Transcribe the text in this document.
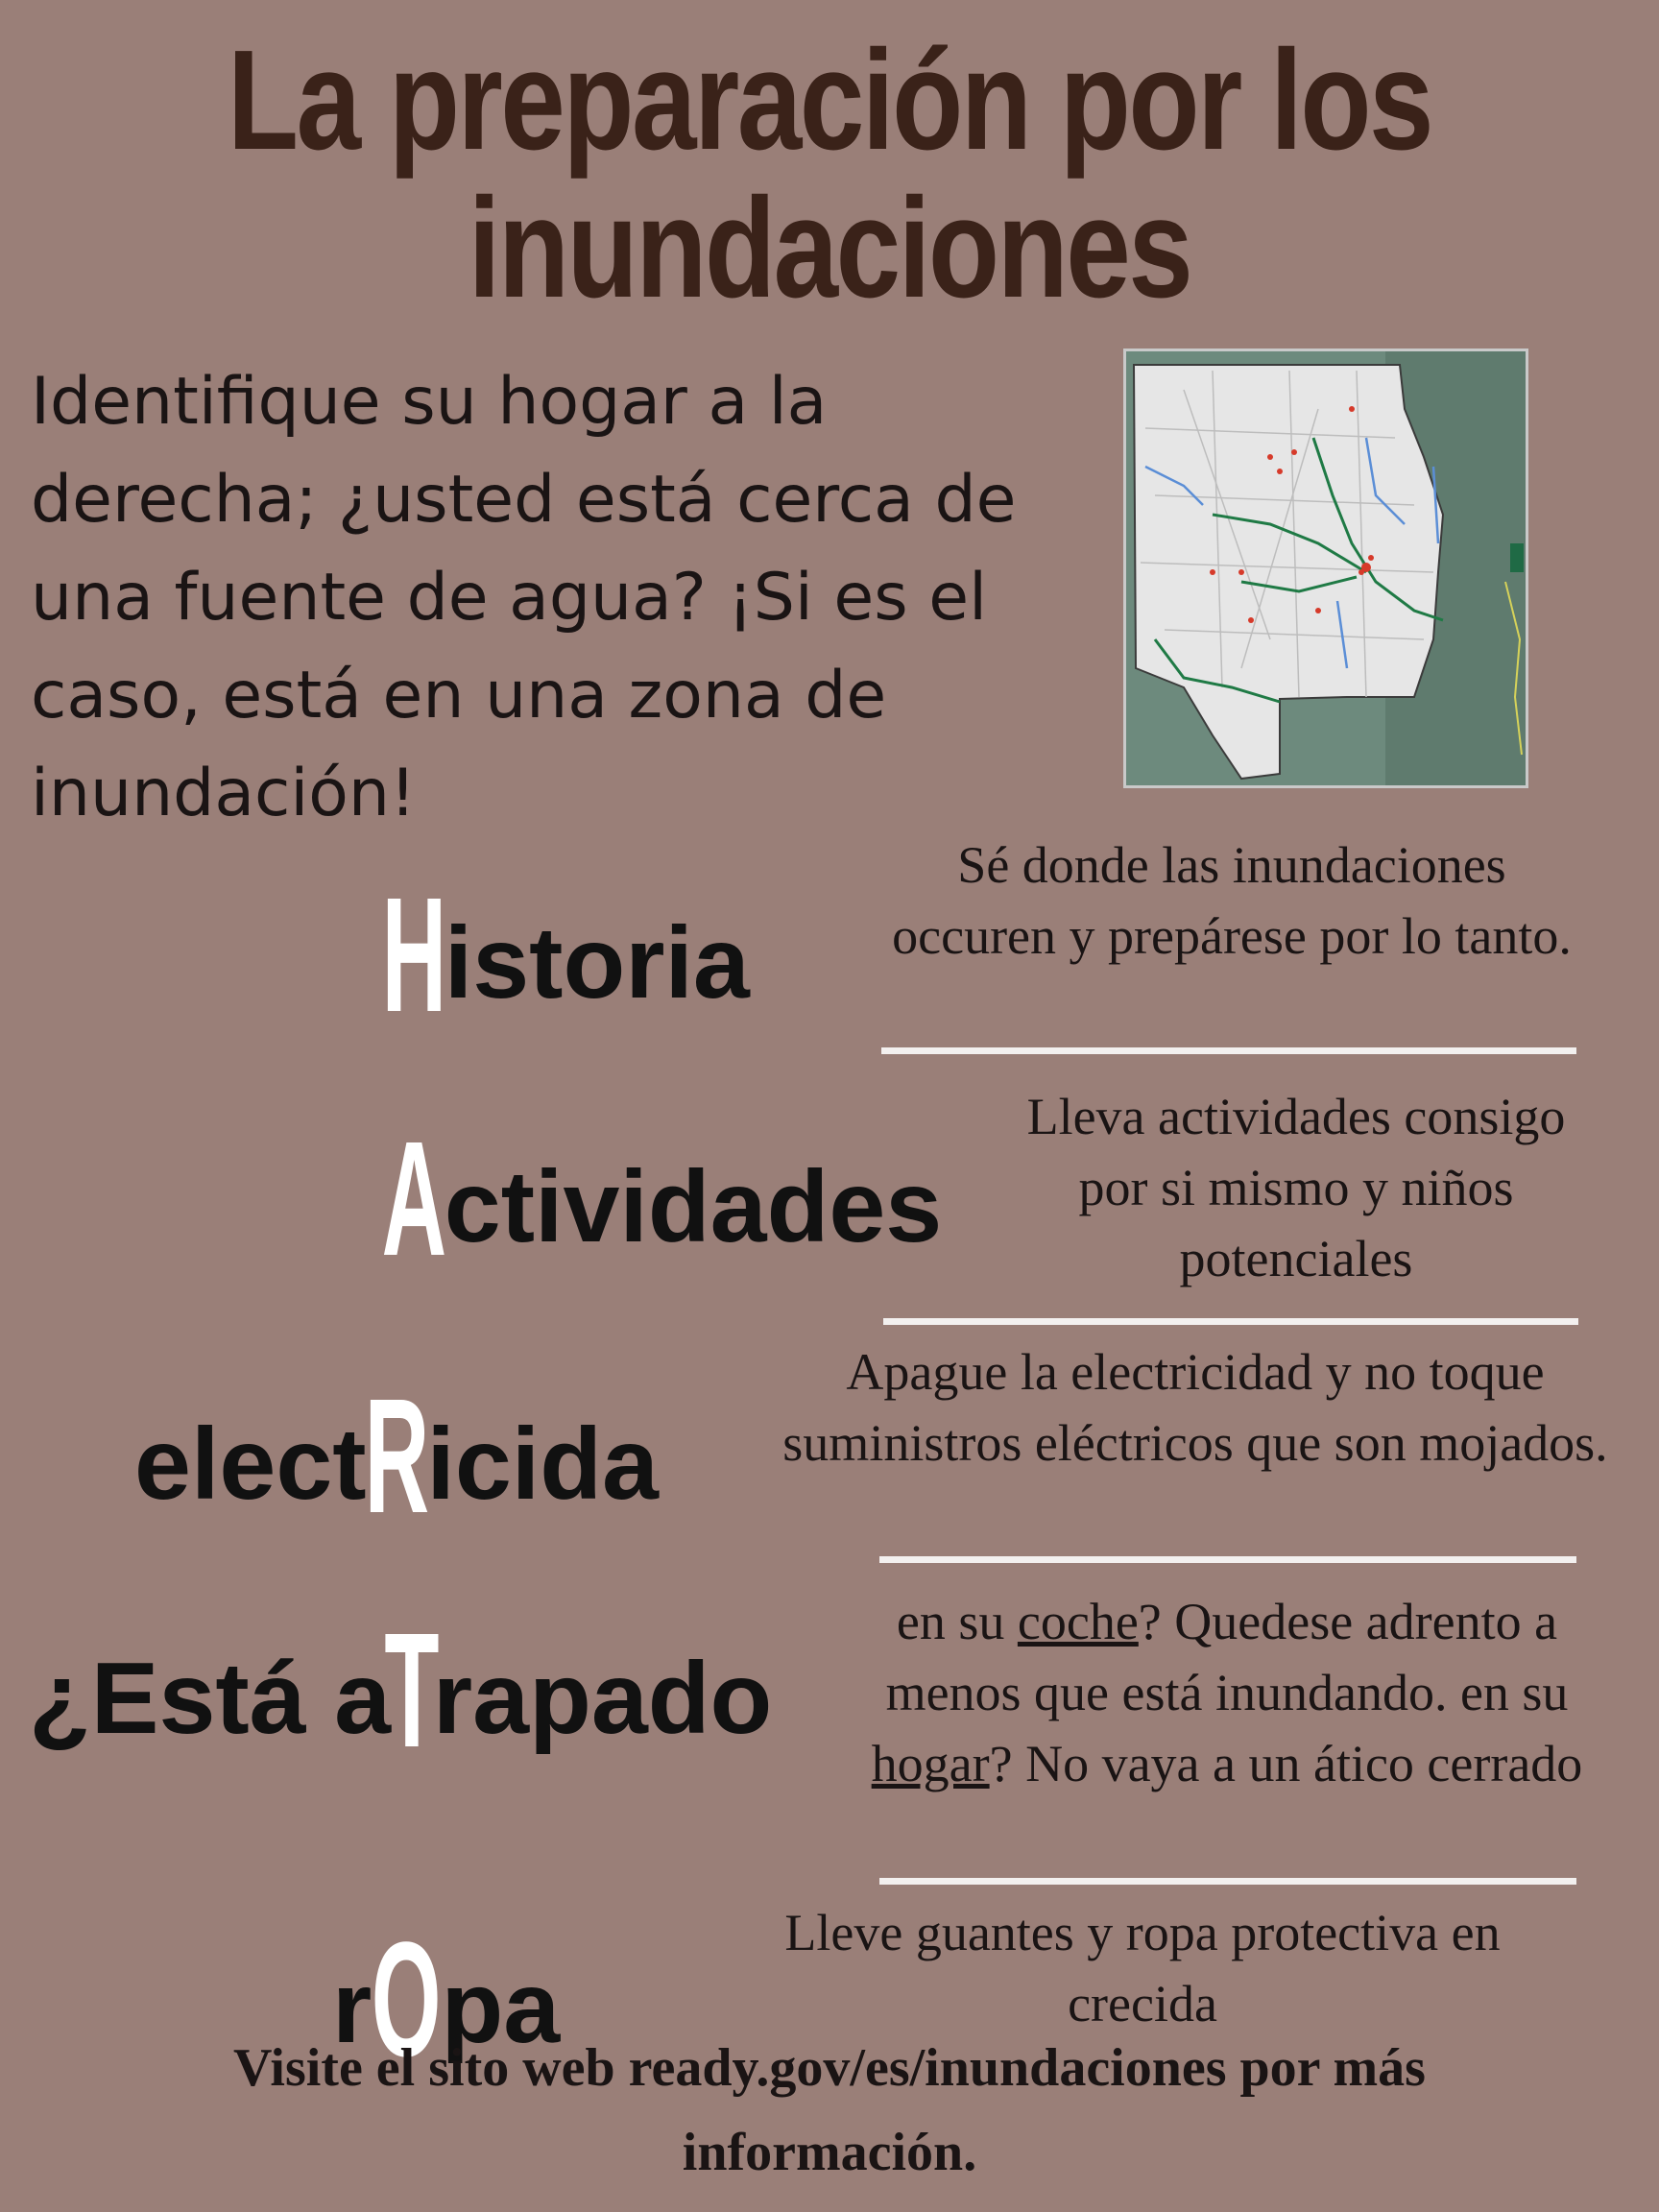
La preparación por los
inundaciones
Identifique su hogar a la derecha; ¿usted está cerca de una fuente de agua? ¡Si es el caso, está en una zona de inundación!
Historia
Sé donde las inundaciones occuren y prepárese por lo tanto.
Actividades
Lleva actividades consigo por si mismo y niños potenciales
electRicida
Apague la electricidad y no toque suministros eléctricos que son mojados.
¿Está aTrapado
en su coche? Quedese adrento a menos que está inundando. en su hogar? No vaya a un ático cerrado
rOpa
Lleve guantes y ropa protectiva en crecida
Visite el sito web ready.gov/es/inundaciones por más información.
